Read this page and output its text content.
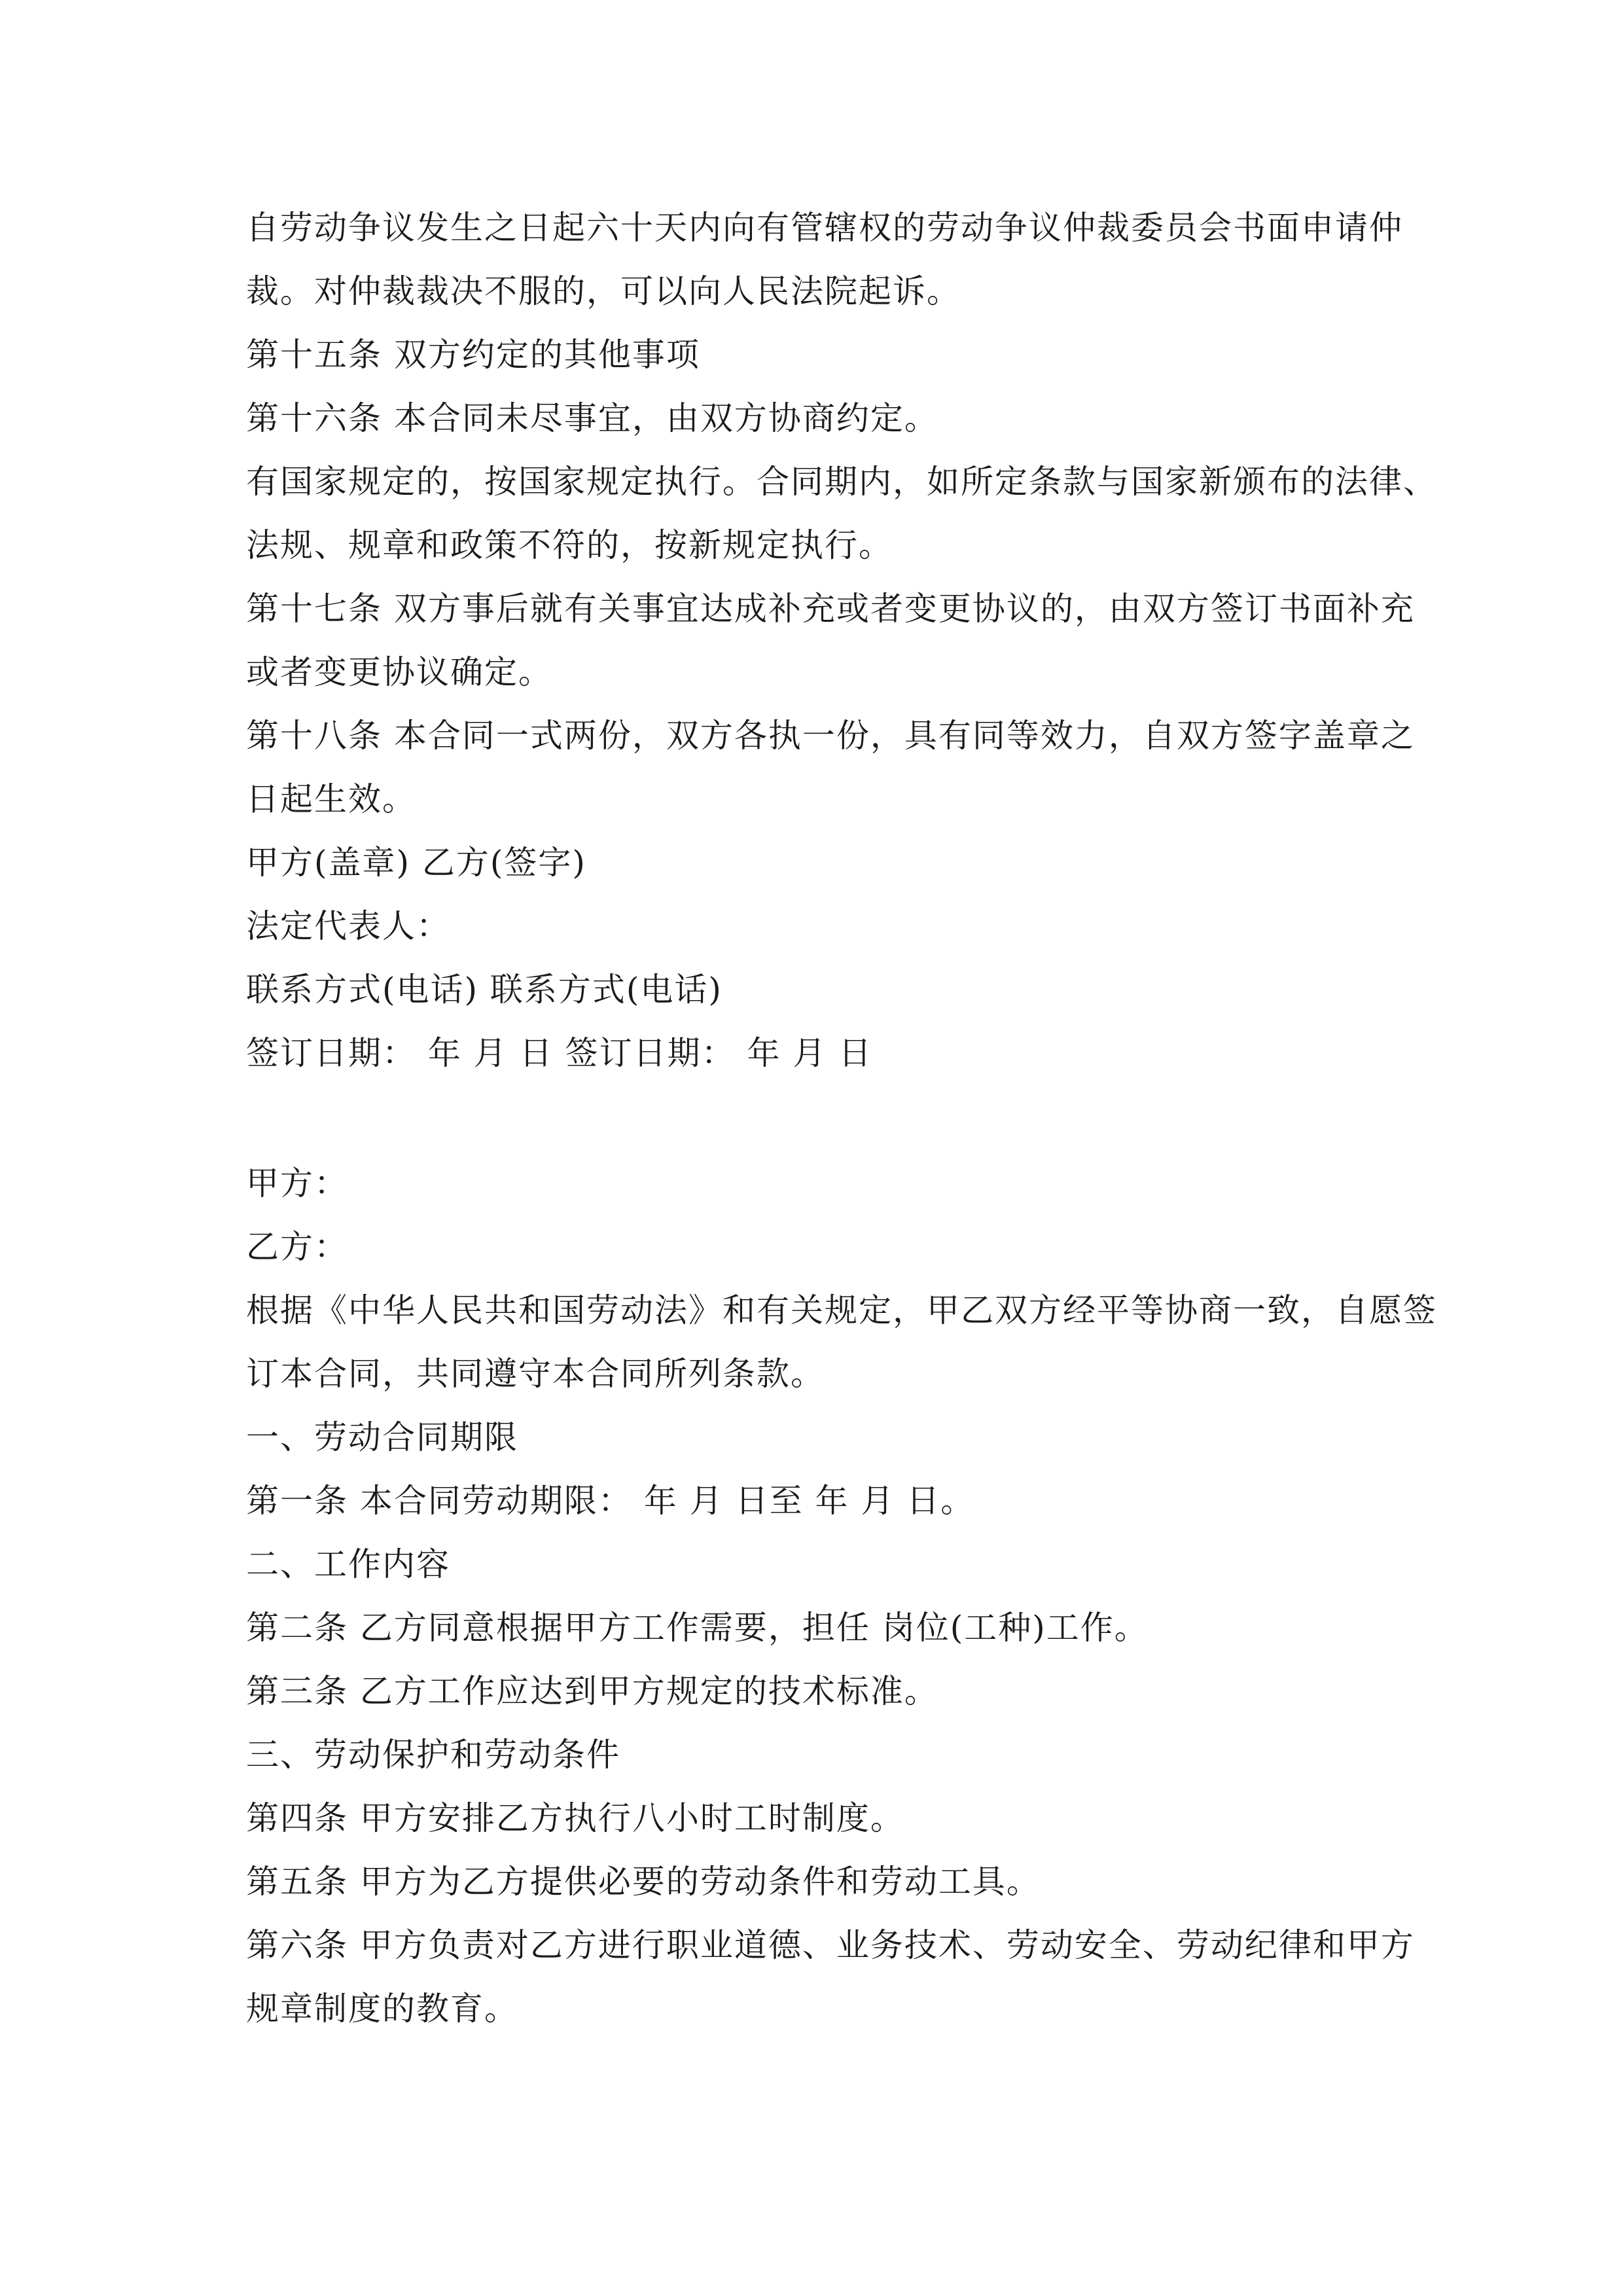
自劳动争议发生之日起六十天内向有管辖权的劳动争议仲裁委员会书面申请仲
裁。对仲裁裁决不服的，可以向人民法院起诉。
第十五条 双方约定的其他事项
第十六条 本合同未尽事宜，由双方协商约定。
有国家规定的，按国家规定执行。合同期内，如所定条款与国家新颁布的法律、
法规、规章和政策不符的，按新规定执行。
第十七条 双方事后就有关事宜达成补充或者变更协议的，由双方签订书面补充
或者变更协议确定。
第十八条 本合同一式两份，双方各执一份，具有同等效力，自双方签字盖章之
日起生效。
甲方(盖章) 乙方(签字)
法定代表人：
联系方式(电话) 联系方式(电话)
签订日期： 年 月 日 签订日期： 年 月 日
甲方：
乙方：
根据《中华人民共和国劳动法》和有关规定，甲乙双方经平等协商一致，自愿签
订本合同，共同遵守本合同所列条款。
一、劳动合同期限
第一条 本合同劳动期限： 年 月 日至 年 月 日。
二、工作内容
第二条 乙方同意根据甲方工作需要，担任 岗位(工种)工作。
第三条 乙方工作应达到甲方规定的技术标准。
三、劳动保护和劳动条件
第四条 甲方安排乙方执行八小时工时制度。
第五条 甲方为乙方提供必要的劳动条件和劳动工具。
第六条 甲方负责对乙方进行职业道德、业务技术、劳动安全、劳动纪律和甲方
规章制度的教育。
